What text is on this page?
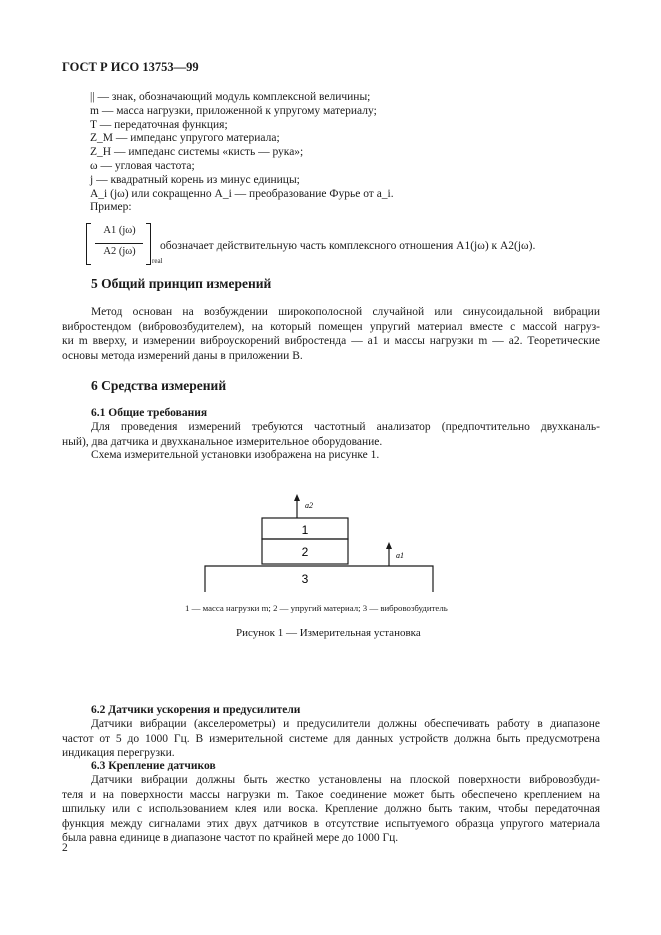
ГОСТ Р ИСО 13753—99
|| — знак, обозначающий модуль комплексной величины;
m — масса нагрузки, приложенной к упругому материалу;
T — передаточная функция;
Z_M — импеданс упругого материала;
Z_H — импеданс системы «кисть — рука»;
ω — угловая частота;
j — квадратный корень из минус единицы;
A_i (jω) или сокращенно A_i — преобразование Фурье от a_i.
Пример:
A1 (jω)
A2 (jω)
real
обозначает действительную часть комплексного отношения A1(jω) к A2(jω).
5 Общий принцип измерений
Метод основан на возбуждении широкополосной случайной или синусоидальной вибрации
вибростендом (вибровозбудителем), на который помещен упругий материал вместе с массой нагруз-
ки m вверху, и измерении виброускорений вибростенда — a1 и массы нагрузки m — a2. Теоретические
основы метода измерений даны в приложении В.
6 Средства измерений
6.1 Общие требования
Для проведения измерений требуются частотный анализатор (предпочтительно двухканаль-
ный), два датчика и двухканальное измерительное оборудование.
Схема измерительной установки изображена на рисунке 1.
1
2
3
a2
a1
1 — масса нагрузки m; 2 — упругий материал; 3 — вибровозбудитель
Рисунок 1 — Измерительная установка
6.2 Датчики ускорения и предусилители
Датчики вибрации (акселерометры) и предусилители должны обеспечивать работу в диапазоне
частот от 5 до 1000 Гц. В измерительной системе для данных устройств должна быть предусмотрена
индикация перегрузки.
6.3 Крепление датчиков
Датчики вибрации должны быть жестко установлены на плоской поверхности вибровозбуди-
теля и на поверхности массы нагрузки m. Такое соединение может быть обеспечено креплением на
шпильку или с использованием клея или воска. Крепление должно быть таким, чтобы передаточная
функция между сигналами этих двух датчиков в отсутствие испытуемого образца упругого материала
была равна единице в диапазоне частот по крайней мере до 1000 Гц.
2
